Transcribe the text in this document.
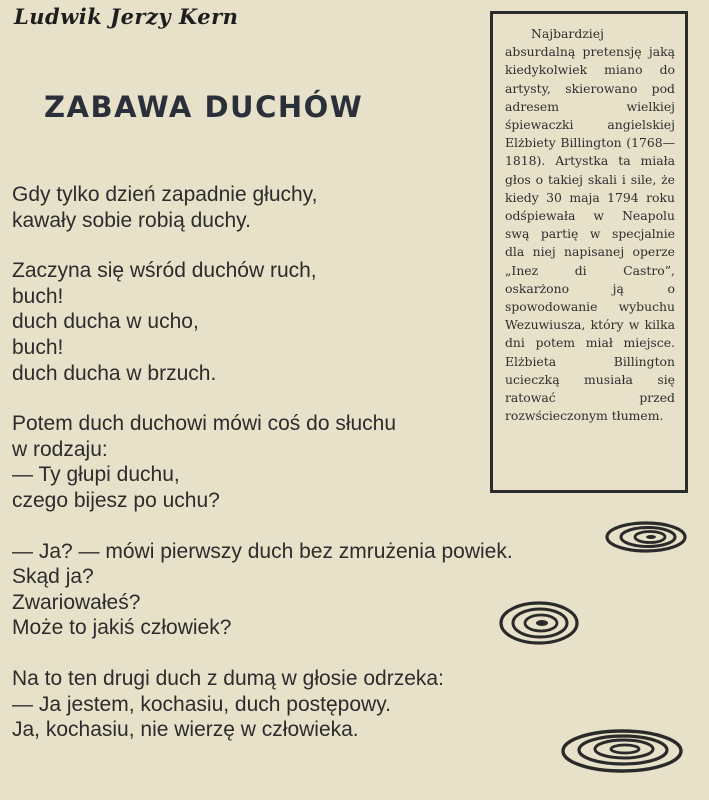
Ludwik Jerzy Kern
ZABAWA DUCHÓW
Gdy tylko dzień zapadnie głuchy,
kawały sobie robią duchy.
Zaczyna się wśród duchów ruch,
buch!
duch ducha w ucho,
buch!
duch ducha w brzuch.
Potem duch duchowi mówi coś do słuchu
w rodzaju:
— Ty głupi duchu,
czego bijesz po uchu?
— Ja? — mówi pierwszy duch bez zmrużenia powiek.
Skąd ja?
Zwariowałeś?
Może to jakiś człowiek?
Na to ten drugi duch z dumą w głosie odrzeka:
— Ja jestem, kochasiu, duch postępowy.
Ja, kochasiu, nie wierzę w człowieka.

Najbardziej absurdalną pretensję jaką kiedykolwiek miano do artysty, skierowano pod adresem wielkiej śpiewaczki angielskiej Elżbiety Billington (1768—1818). Artystka ta miała głos o takiej skali i sile, że kiedy 30 maja 1794 roku odśpiewała w Neapolu swą partię w specjalnie dla niej napisanej operze „Inez di Castro”, oskarżono ją o spowodowanie wybuchu Wezuwiusza, który w kilka dni potem miał miejsce. Elżbieta Billington ucieczką musiała się ratować przed rozwścieczonym tłumem.
